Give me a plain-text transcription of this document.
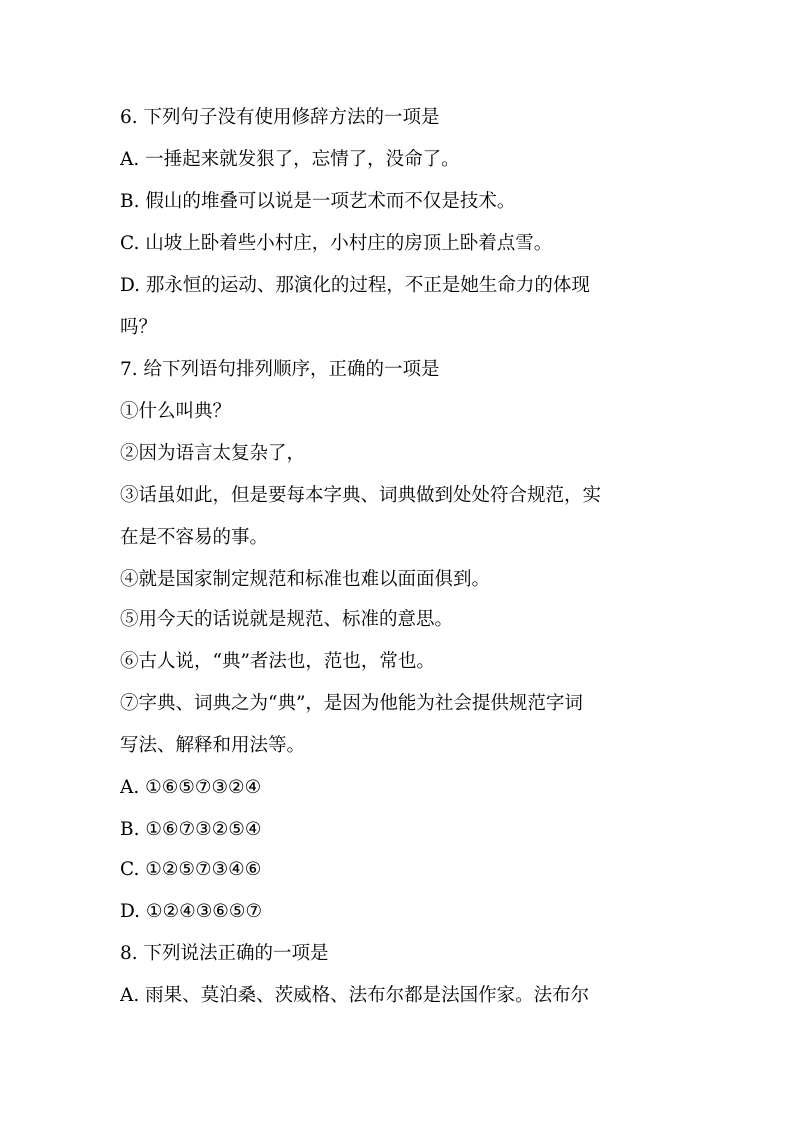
6. 下列句子没有使用修辞方法的一项是
A. 一捶起来就发狠了，忘情了，没命了。
B. 假山的堆叠可以说是一项艺术而不仅是技术。
C. 山坡上卧着些小村庄，小村庄的房顶上卧着点雪。
D. 那永恒的运动、那演化的过程，不正是她生命力的体现
吗？
7. 给下列语句排列顺序，正确的一项是
①什么叫典？
②因为语言太复杂了，
③话虽如此，但是要每本字典、词典做到处处符合规范，实
在是不容易的事。
④就是国家制定规范和标准也难以面面俱到。
⑤用今天的话说就是规范、标准的意思。
⑥古人说，“典”者法也，范也，常也。
⑦字典、词典之为“典”，是因为他能为社会提供规范字词
写法、解释和用法等。
A. ①⑥⑤⑦③②④
B. ①⑥⑦③②⑤④
C. ①②⑤⑦③④⑥
D. ①②④③⑥⑤⑦
8. 下列说法正确的一项是
A. 雨果、莫泊桑、茨威格、法布尔都是法国作家。法布尔
